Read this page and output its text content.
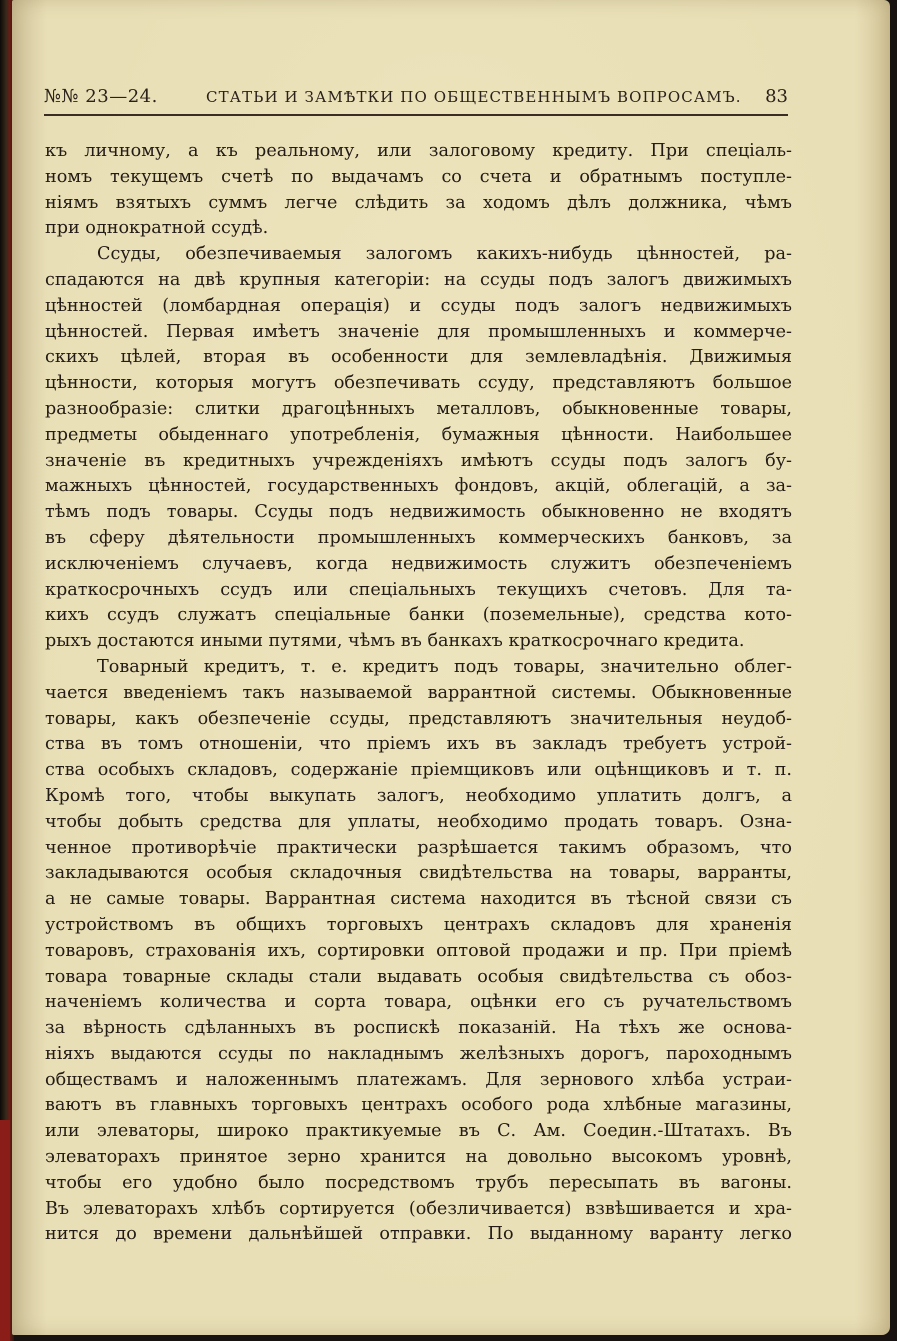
№№ 23—24.	СТАТЬИ И ЗАМѢТКИ ПО ОБЩЕСТВЕННЫМЪ ВОПРОСАМЪ. 83
къ личному, а къ реальному, или залоговому кредиту. При спеціаль-
номъ текущемъ счетѣ по выдачамъ со счета и обратнымъ поступле-
ніямъ взятыхъ суммъ легче слѣдить за ходомъ дѣлъ должника, чѣмъ
при однократной ссудѣ.
Ссуды, обезпечиваемыя залогомъ какихъ-нибудь цѣнностей, ра-
спадаются на двѣ крупныя категоріи: на ссуды подъ залогъ движимыхъ
цѣнностей (ломбардная операція) и ссуды подъ залогъ недвижимыхъ
цѣнностей. Первая имѣетъ значеніе для промышленныхъ и коммерче-
скихъ цѣлей, вторая въ особенности для землевладѣнія. Движимыя
цѣнности, которыя могутъ обезпечивать ссуду, представляютъ большое
разнообразіе: слитки драгоцѣнныхъ металловъ, обыкновенные товары,
предметы обыденнаго употребленія, бумажныя цѣнности. Наибольшее
значеніе въ кредитныхъ учрежденіяхъ имѣютъ ссуды подъ залогъ бу-
мажныхъ цѣнностей, государственныхъ фондовъ, акцій, облегацій, а за-
тѣмъ подъ товары. Ссуды подъ недвижимость обыкновенно не входятъ
въ сферу дѣятельности промышленныхъ коммерческихъ банковъ, за
исключеніемъ случаевъ, когда недвижимость служитъ обезпеченіемъ
краткосрочныхъ ссудъ или спеціальныхъ текущихъ счетовъ. Для та-
кихъ ссудъ служатъ спеціальные банки (поземельные), средства кото-
рыхъ достаются иными путями, чѣмъ въ банкахъ краткосрочнаго кредита.
Товарный кредитъ, т. е. кредитъ подъ товары, значительно облег-
чается введеніемъ такъ называемой варрантной системы. Обыкновенные
товары, какъ обезпеченіе ссуды, представляютъ значительныя неудоб-
ства въ томъ отношеніи, что пріемъ ихъ въ закладъ требуетъ устрой-
ства особыхъ складовъ, содержаніе пріемщиковъ или оцѣнщиковъ и т. п.
Кромѣ того, чтобы выкупать залогъ, необходимо уплатить долгъ, а
чтобы добыть средства для уплаты, необходимо продать товаръ. Озна-
ченное противорѣчіе практически разрѣшается такимъ образомъ, что
закладываются особыя складочныя свидѣтельства на товары, варранты,
а не самые товары. Варрантная система находится въ тѣсной связи съ
устройствомъ въ общихъ торговыхъ центрахъ складовъ для храненія
товаровъ, страхованія ихъ, сортировки оптовой продажи и пр. При пріемѣ
товара товарные склады стали выдавать особыя свидѣтельства съ обоз-
наченіемъ количества и сорта товара, оцѣнки его съ ручательствомъ
за вѣрность сдѣланныхъ въ роспискѣ показаній. На тѣхъ же основа-
ніяхъ выдаются ссуды по накладнымъ желѣзныхъ дорогъ, пароходнымъ
обществамъ и наложеннымъ платежамъ. Для зернового хлѣба устраи-
ваютъ въ главныхъ торговыхъ центрахъ особого рода хлѣбные магазины,
или элеваторы, широко практикуемые въ С. Ам. Соедин.-Штатахъ. Въ
элеваторахъ принятое зерно хранится на довольно высокомъ уровнѣ,
чтобы его удобно было посредствомъ трубъ пересыпать въ вагоны.
Въ элеваторахъ хлѣбъ сортируется (обезличивается) взвѣшивается и хра-
нится до времени дальнѣйшей отправки. По выданному варанту легко
